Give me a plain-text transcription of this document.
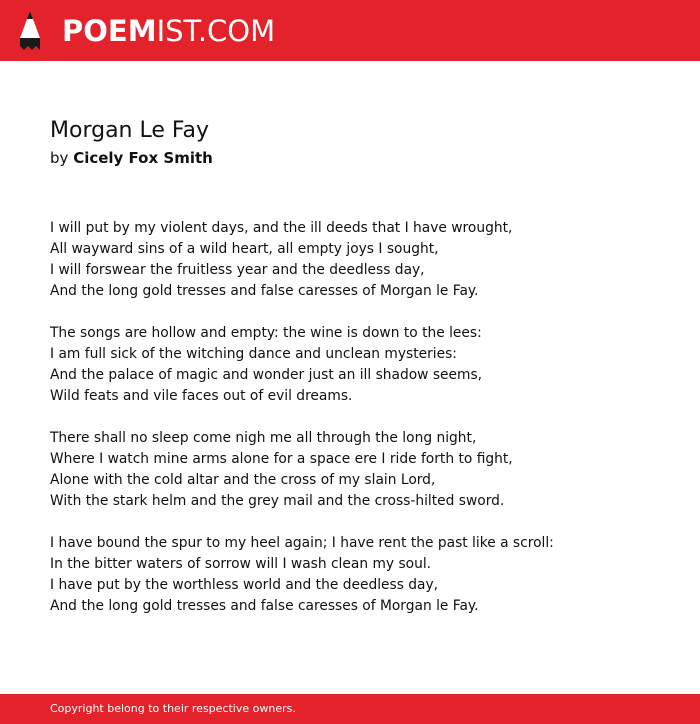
POEMIST.COM
Morgan Le Fay
by Cicely Fox Smith
I will put by my violent days, and the ill deeds that I have wrought,
All wayward sins of a wild heart, all empty joys I sought,
I will forswear the fruitless year and the deedless day,
And the long gold tresses and false caresses of Morgan le Fay.
The songs are hollow and empty: the wine is down to the lees:
I am full sick of the witching dance and unclean mysteries:
And the palace of magic and wonder just an ill shadow seems,
Wild feats and vile faces out of evil dreams.
There shall no sleep come nigh me all through the long night,
Where I watch mine arms alone for a space ere I ride forth to fight,
Alone with the cold altar and the cross of my slain Lord,
With the stark helm and the grey mail and the cross-hilted sword.
I have bound the spur to my heel again; I have rent the past like a scroll:
In the bitter waters of sorrow will I wash clean my soul.
I have put by the worthless world and the deedless day,
And the long gold tresses and false caresses of Morgan le Fay.
Copyright belong to their respective owners.
